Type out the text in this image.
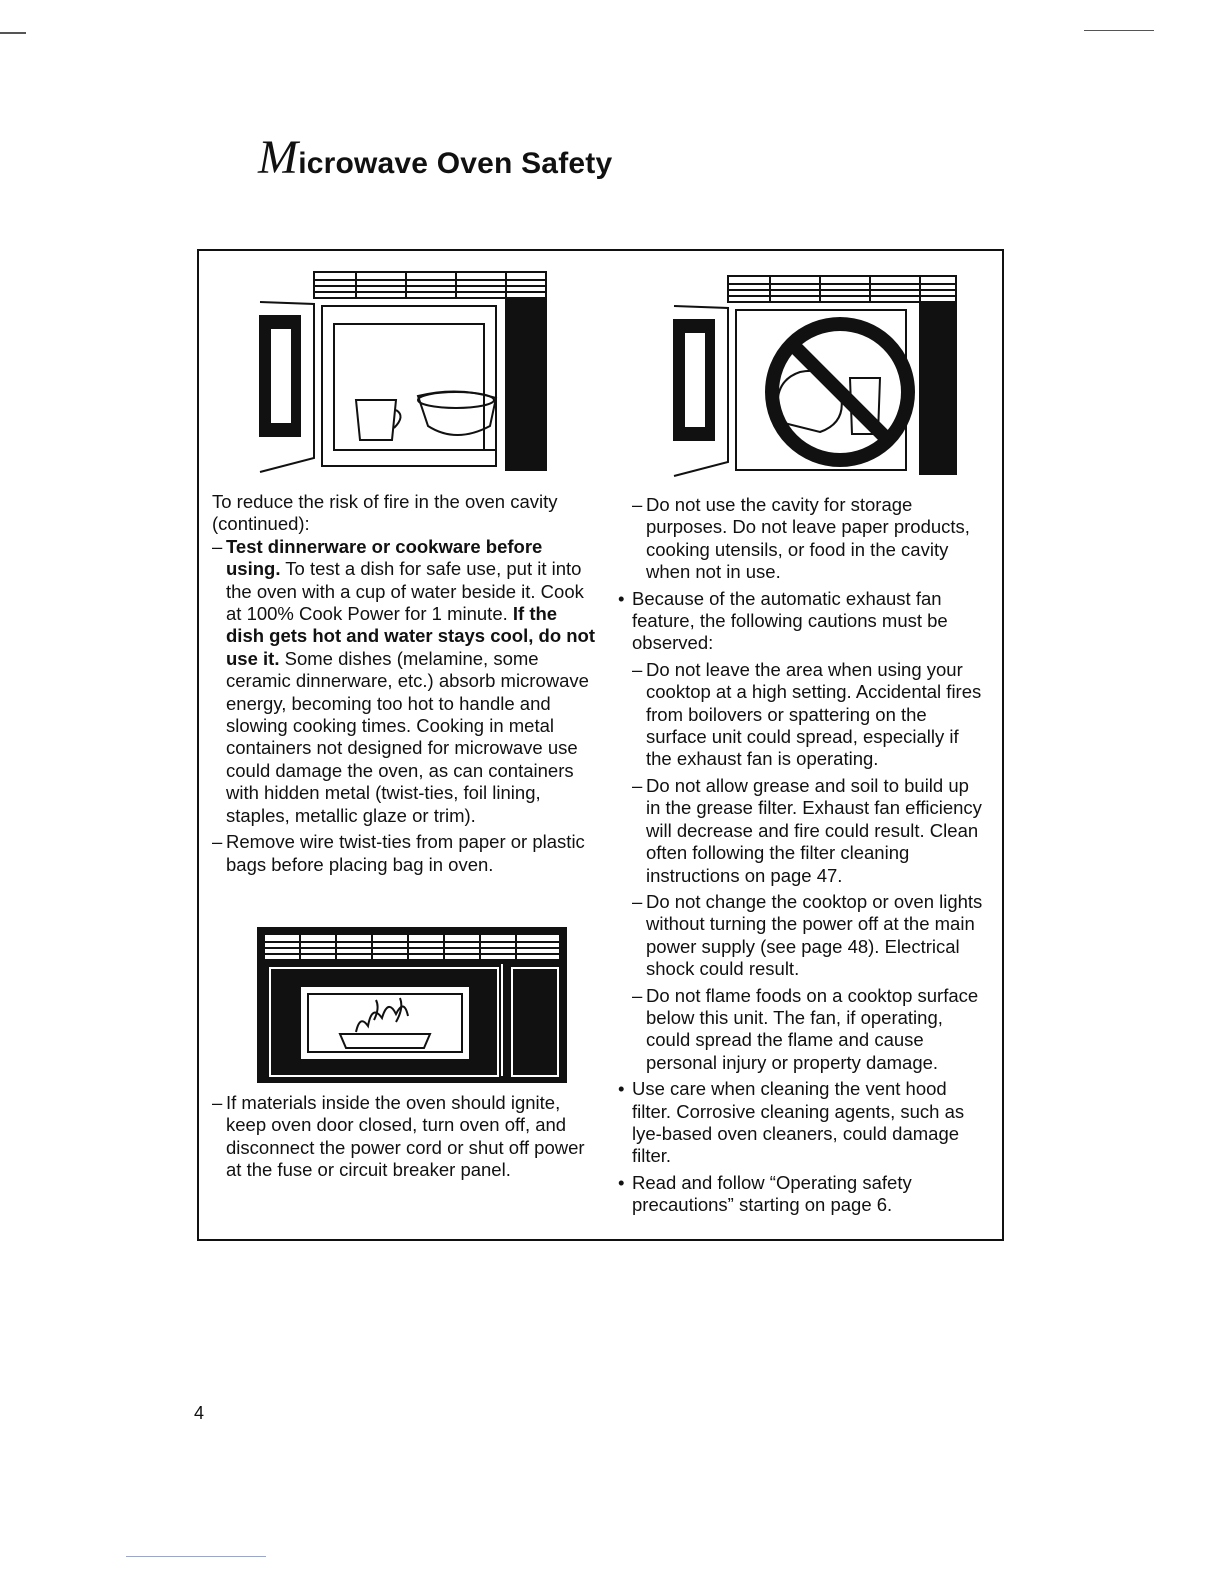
Microwave Oven Safety

To reduce the risk of fire in the oven cavity (continued):

– Test dinnerware or cookware before using. To test a dish for safe use, put it into the oven with a cup of water beside it. Cook at 100% Cook Power for 1 minute. If the dish gets hot and water stays cool, do not use it. Some dishes (melamine, some ceramic dinnerware, etc.) absorb microwave energy, becoming too hot to handle and slowing cooking times. Cooking in metal containers not designed for microwave use could damage the oven, as can containers with hidden metal (twist-ties, foil lining, staples, metallic glaze or trim).
– Remove wire twist-ties from paper or plastic bags before placing bag in oven.
– If materials inside the oven should ignite, keep oven door closed, turn oven off, and disconnect the power cord or shut off power at the fuse or circuit breaker panel.
– Do not use the cavity for storage purposes. Do not leave paper products, cooking utensils, or food in the cavity when not in use.
• Because of the automatic exhaust fan feature, the following cautions must be observed:
– Do not leave the area when using your cooktop at a high setting. Accidental fires from boilovers or spattering on the surface unit could spread, especially if the exhaust fan is operating.
– Do not allow grease and soil to build up in the grease filter. Exhaust fan efficiency will decrease and fire could result. Clean often following the filter cleaning instructions on page 47.
– Do not change the cooktop or oven lights without turning the power off at the main power supply (see page 48). Electrical shock could result.
– Do not flame foods on a cooktop surface below this unit. The fan, if operating, could spread the flame and cause personal injury or property damage.
• Use care when cleaning the vent hood filter. Corrosive cleaning agents, such as lye-based oven cleaners, could damage filter.
• Read and follow “Operating safety precautions” starting on page 6.
4
